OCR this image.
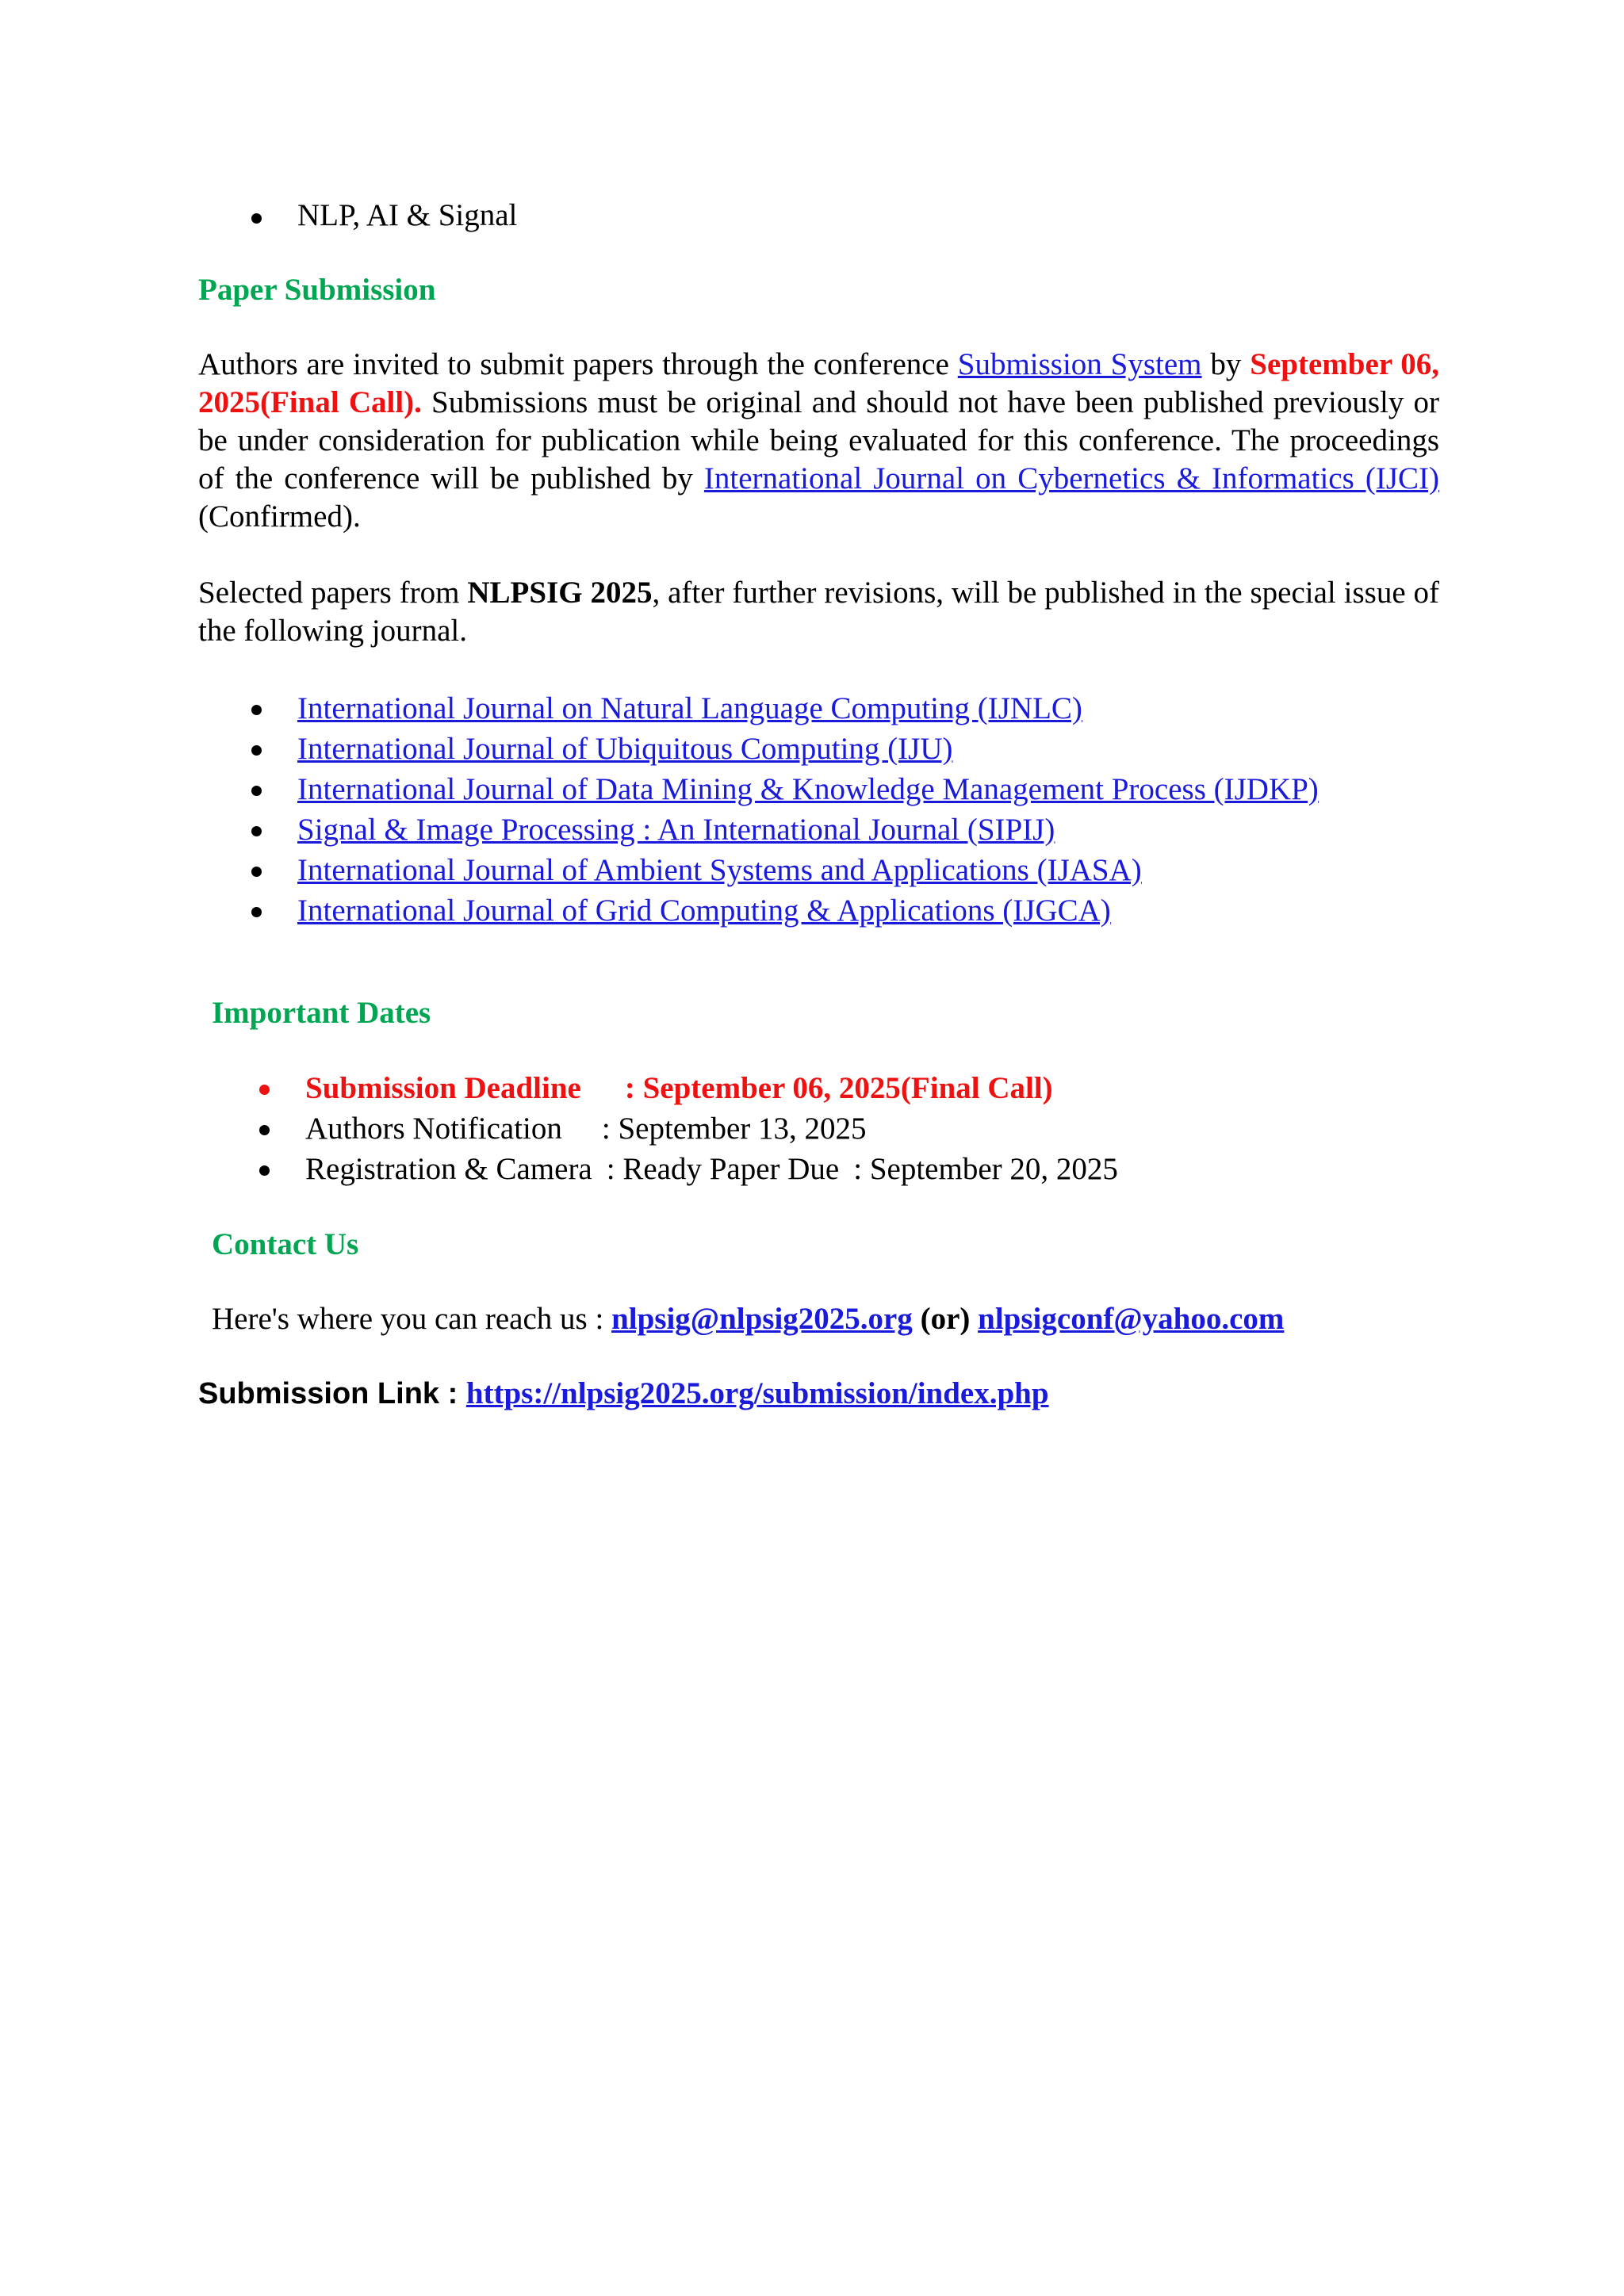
NLP, AI & Signal
Paper Submission

Authors are invited to submit papers through the conference Submission System by September 06, 2025(Final Call). Submissions must be original and should not have been published previously or be under consideration for publication while being evaluated for this conference. The proceedings of the conference will be published by International Journal on Cybernetics & Informatics (IJCI) (Confirmed).

Selected papers from NLPSIG 2025, after further revisions, will be published in the special issue of the following journal.

International Journal on Natural Language Computing (IJNLC)
International Journal of Ubiquitous Computing (IJU)
International Journal of Data Mining & Knowledge Management Process (IJDKP)
Signal & Image Processing : An International Journal (SIPIJ)
International Journal of Ambient Systems and Applications (IJASA)
International Journal of Grid Computing & Applications (IJGCA)
Important Dates
Submission Deadline : September 06, 2025(Final Call)
Authors Notification : September 13, 2025
Registration & Camera : Ready Paper Due : September 20, 2025
Contact Us

Here's where you can reach us : nlpsig@nlpsig2025.org (or) nlpsigconf@yahoo.com

Submission Link : https://nlpsig2025.org/submission/index.php
